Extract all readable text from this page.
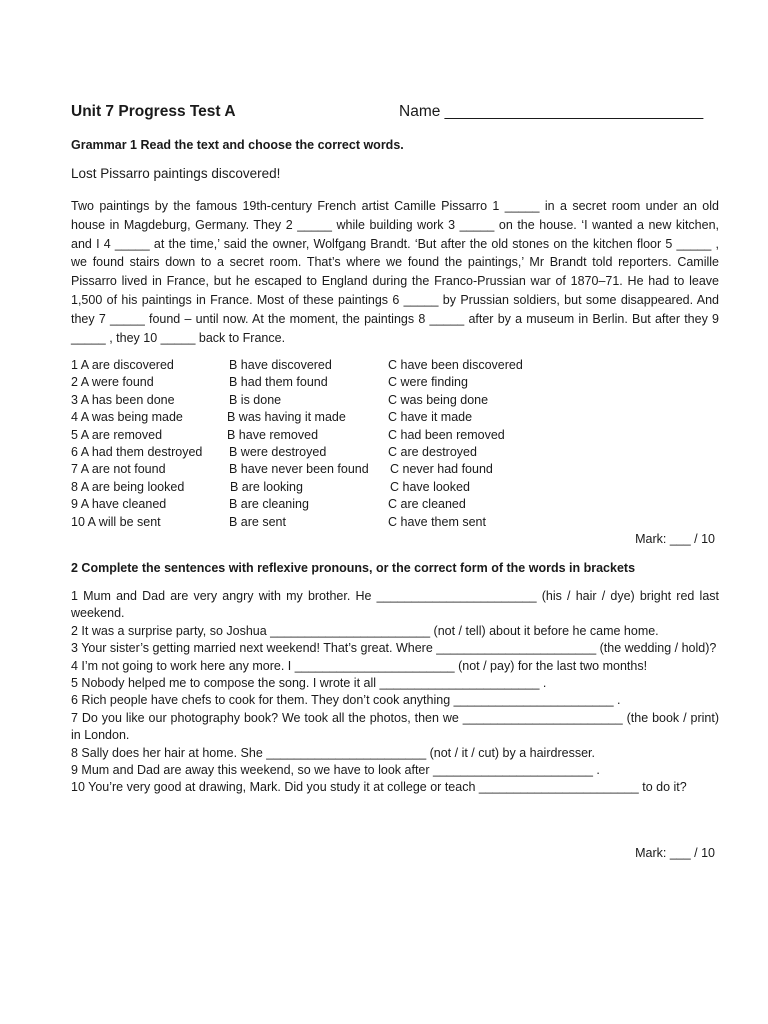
Unit 7 Progress Test A	Name ______________________________
Grammar 1 Read the text and choose the correct words.
Lost Pissarro paintings discovered!
Two paintings by the famous 19th-century French artist Camille Pissarro 1 _____ in a secret room under an old house in Magdeburg, Germany. They 2 _____ while building work 3 _____ on the house. ‘I wanted a new kitchen, and I 4 _____ at the time,’ said the owner, Wolfgang Brandt. ‘But after the old stones on the kitchen floor 5 _____ , we found stairs down to a secret room. That’s where we found the paintings,’ Mr Brandt told reporters. Camille Pissarro lived in France, but he escaped to England during the Franco-Prussian war of 1870–71. He had to leave 1,500 of his paintings in France. Most of these paintings 6 _____ by Prussian soldiers, but some disappeared. And they 7 _____ found – until now. At the moment, the paintings 8 _____ after by a museum in Berlin. But after they 9 _____ , they 10 _____ back to France.

1 A are discovered

	B have discovered

	C have been discovered

2 A were found

	B had them found

	C were finding

3 A has been done

	B is done

	C was being done

4 A was being made

	B was having it made

	C have it made

5 A are removed

	B have removed

	C had been removed

6 A had them destroyed

B were destroyed

	C are destroyed

7 A are not found

	B have never been found

C never had found

8 A are being looked

	B are looking

	C have looked

9 A have cleaned

	B are cleaning

	C are cleaned

10 A will be sent

	B are sent

	C have them sent

Mark: ___ / 10
2 Complete the sentences with reflexive pronouns, or the correct form of the words in brackets
1 Mum and Dad are very angry with my brother. He _______________________ (his / hair / dye) bright red last weekend.
2 It was a surprise party, so Joshua _______________________ (not / tell) about it before he came home.
3 Your sister’s getting married next weekend! That’s great. Where _______________________ (the wedding / hold)?
4 I’m not going to work here any more. I _______________________ (not / pay) for the last two months!
5 Nobody helped me to compose the song. I wrote it all _______________________ .
6 Rich people have chefs to cook for them. They don’t cook anything _______________________ .
7 Do you like our photography book? We took all the photos, then we _______________________ (the book / print) in London.
8 Sally does her hair at home. She _______________________ (not / it / cut) by a hairdresser.
9 Mum and Dad are away this weekend, so we have to look after _______________________ .
10 You’re very good at drawing, Mark. Did you study it at college or teach _______________________ to do it?
Mark: ___ / 10
